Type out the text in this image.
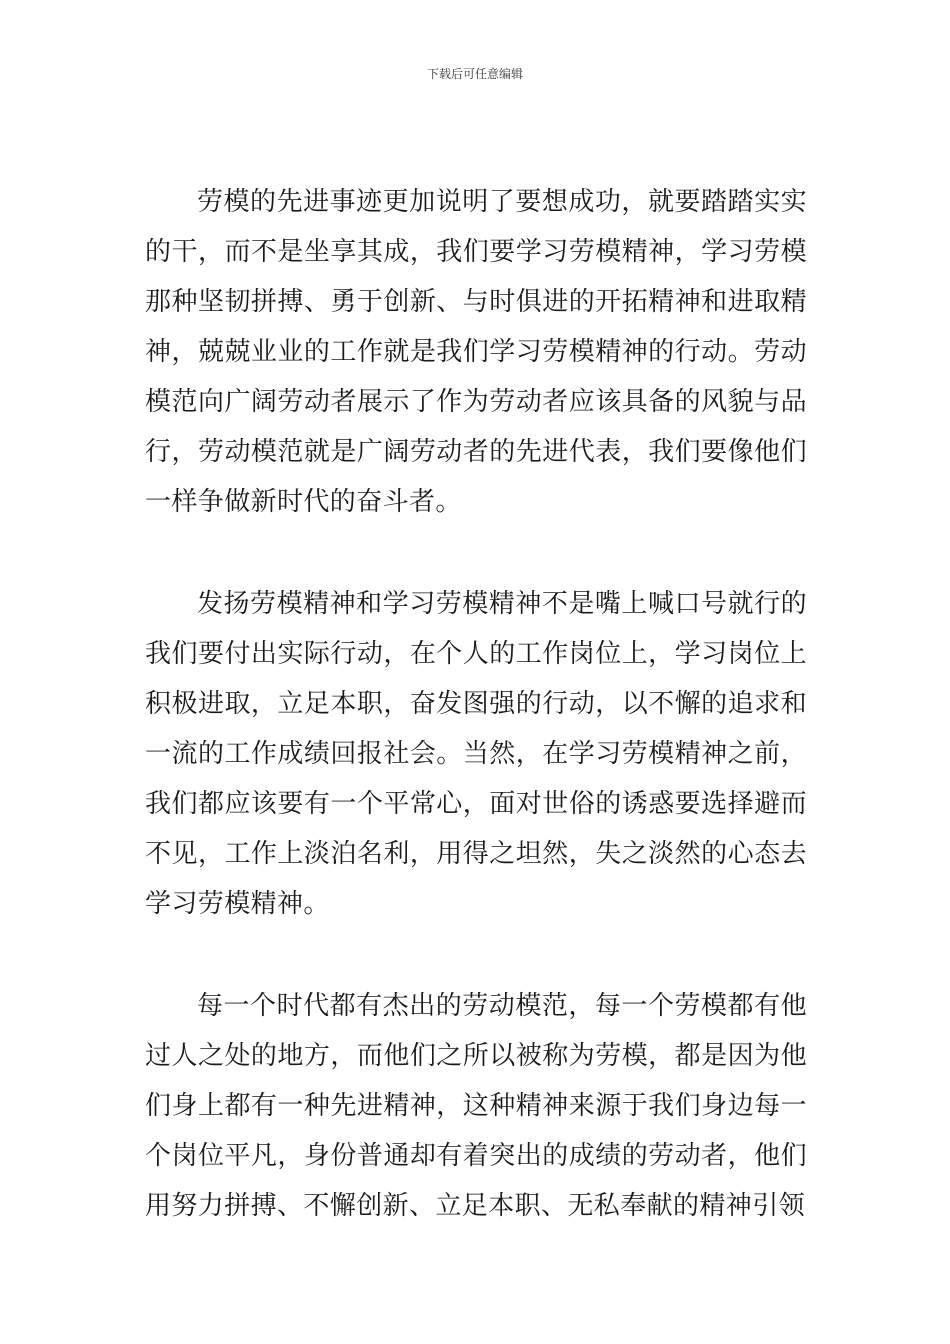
下载后可任意编辑

劳模的先进事迹更加说明了要想成功，就要踏踏实实的干，而不是坐享其成，我们要学习劳模精神，学习劳模那种坚韧拼搏、勇于创新、与时俱进的开拓精神和进取精神，兢兢业业的工作就是我们学习劳模精神的行动。劳动模范向广阔劳动者展示了作为劳动者应该具备的风貌与品行，劳动模范就是广阔劳动者的先进代表，我们要像他们一样争做新时代的奋斗者。

发扬劳模精神和学习劳模精神不是嘴上喊口号就行的我们要付出实际行动，在个人的工作岗位上，学习岗位上积极进取，立足本职，奋发图强的行动，以不懈的追求和一流的工作成绩回报社会。当然，在学习劳模精神之前，我们都应该要有一个平常心，面对世俗的诱惑要选择避而不见，工作上淡泊名利，用得之坦然，失之淡然的心态去学习劳模精神。

每一个时代都有杰出的劳动模范，每一个劳模都有他过人之处的地方，而他们之所以被称为劳模，都是因为他们身上都有一种先进精神，这种精神来源于我们身边每一个岗位平凡，身份普通却有着突出的成绩的劳动者，他们用努力拼搏、不懈创新、立足本职、无私奉献的精神引领
